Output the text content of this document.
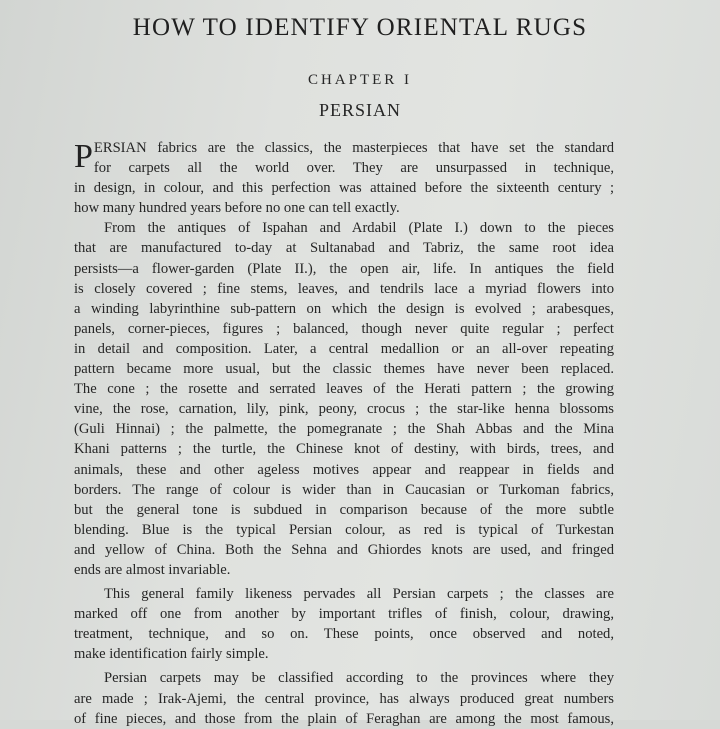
HOW TO IDENTIFY ORIENTAL RUGS
CHAPTER I
PERSIAN
P ERSIAN fabrics are the classics, the masterpieces that have set the standard
for carpets all the world over. They are unsurpassed in technique,
in design, in colour, and this perfection was attained before the sixteenth century ;
how many hundred years before no one can tell exactly.
From the antiques of Ispahan and Ardabil (Plate I.) down to the pieces
that are manufactured to-day at Sultanabad and Tabriz, the same root idea
persists—a flower-garden (Plate II.), the open air, life. In antiques the field
is closely covered ; fine stems, leaves, and tendrils lace a myriad flowers into
a winding labyrinthine sub-pattern on which the design is evolved ; arabesques,
panels, corner-pieces, figures ; balanced, though never quite regular ; perfect
in detail and composition. Later, a central medallion or an all-over repeating
pattern became more usual, but the classic themes have never been replaced.
The cone ; the rosette and serrated leaves of the Herati pattern ; the growing
vine, the rose, carnation, lily, pink, peony, crocus ; the star-like henna blossoms
(Guli Hinnai) ; the palmette, the pomegranate ; the Shah Abbas and the Mina
Khani patterns ; the turtle, the Chinese knot of destiny, with birds, trees, and
animals, these and other ageless motives appear and reappear in fields and
borders. The range of colour is wider than in Caucasian or Turkoman fabrics,
but the general tone is subdued in comparison because of the more subtle
blending. Blue is the typical Persian colour, as red is typical of Turkestan
and yellow of China. Both the Sehna and Ghiordes knots are used, and fringed
ends are almost invariable.
This general family likeness pervades all Persian carpets ; the classes are
marked off one from another by important trifles of finish, colour, drawing,
treatment, technique, and so on. These points, once observed and noted,
make identification fairly simple.
Persian carpets may be classified according to the provinces where they
are made ; Irak-Ajemi, the central province, has always produced great numbers
of fine pieces, and those from the plain of Feraghan are among the most famous,
